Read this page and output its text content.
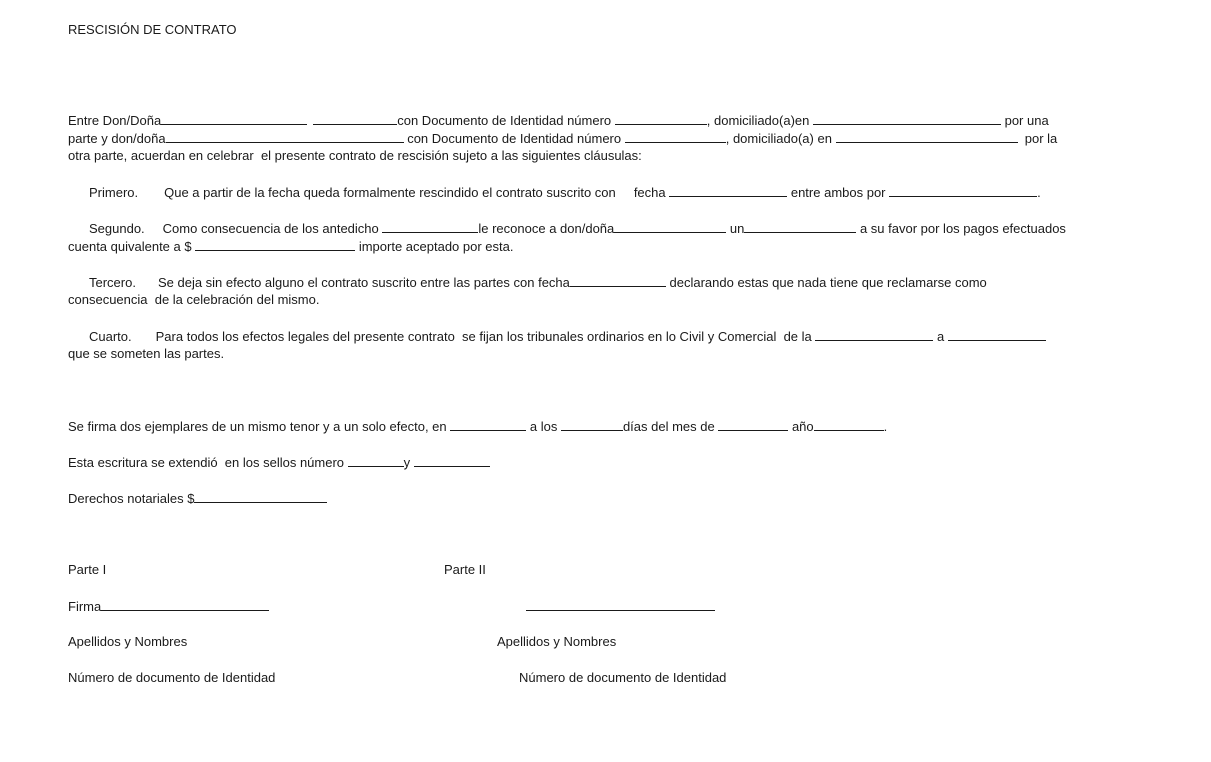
RESCISIÓN DE CONTRATO
Entre Don/Doña	con Documento de Identidad número	, domiciliado(a)en	por una
parte y don/doña	con Documento de Identidad número	, domiciliado(a) en	por la
otra parte, acuerdan en celebrar  el presente contrato de rescisión sujeto a las siguientes cláusulas:
Primero. Que a partir de la fecha queda formalmente rescindido el contrato suscrito con     fecha	entre ambos por	.
Segundo. Como consecuencia de los antedicho	le reconoce a don/doña	un	a su favor por los pagos efectuados
cuenta quivalente a $	importe aceptado por esta.
Tercero. Se deja sin efecto alguno el contrato suscrito entre las partes con fecha	declarando estas que nada tiene que reclamarse como
consecuencia  de la celebración del mismo.
Cuarto. Para todos los efectos legales del presente contrato  se fijan los tribunales ordinarios en lo Civil y Comercial  de la	a
que se someten las partes.
Se firma dos ejemplares de un mismo tenor y a un solo efecto, en	a los	días del mes de	año	.
Esta escritura se extendió  en los sellos número	y
Derechos notariales $
Parte I	Parte II
Firma
Apellidos y Nombres	Apellidos y Nombres
Número de documento de Identidad	Número de documento de Identidad
